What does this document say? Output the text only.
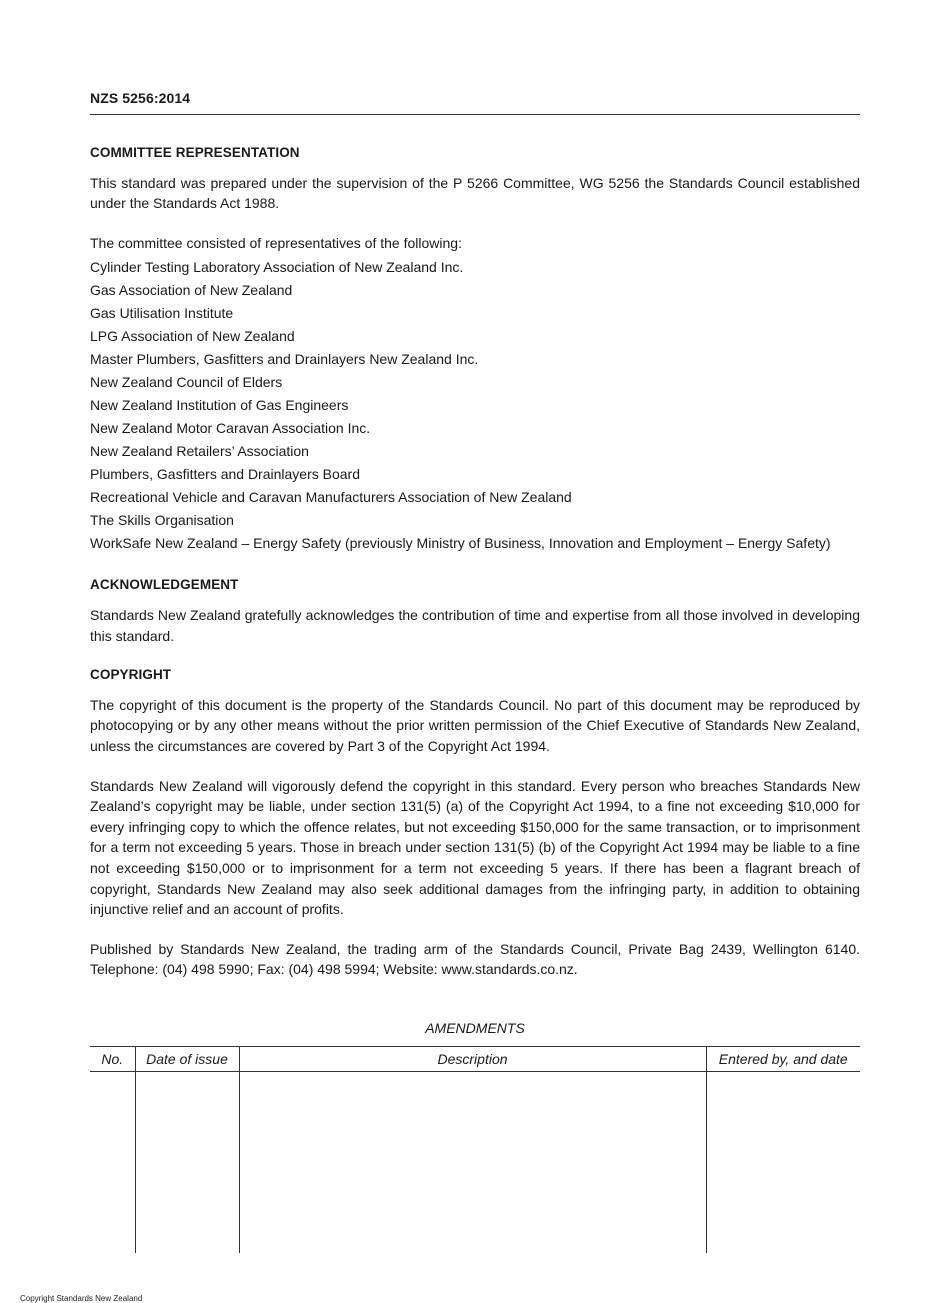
NZS 5256:2014
COMMITTEE REPRESENTATION

This standard was prepared under the supervision of the P 5266 Committee, WG 5256 the Standards Council established under the Standards Act 1988.

The committee consisted of representatives of the following:

Cylinder Testing Laboratory Association of New Zealand Inc.
Gas Association of New Zealand
Gas Utilisation Institute
LPG Association of New Zealand
Master Plumbers, Gasfitters and Drainlayers New Zealand Inc.
New Zealand Council of Elders
New Zealand Institution of Gas Engineers
New Zealand Motor Caravan Association Inc.
New Zealand Retailers’ Association
Plumbers, Gasfitters and Drainlayers Board
Recreational Vehicle and Caravan Manufacturers Association of New Zealand
The Skills Organisation
WorkSafe New Zealand – Energy Safety (previously Ministry of Business, Innovation and Employment – Energy Safety)
ACKNOWLEDGEMENT

Standards New Zealand gratefully acknowledges the contribution of time and expertise from all those involved in developing this standard.

COPYRIGHT

The copyright of this document is the property of the Standards Council. No part of this document may be reproduced by photocopying or by any other means without the prior written permission of the Chief Executive of Standards New Zealand, unless the circumstances are covered by Part 3 of the Copyright Act 1994.

Standards New Zealand will vigorously defend the copyright in this standard. Every person who breaches Standards New Zealand’s copyright may be liable, under section 131(5) (a) of the Copyright Act 1994, to a fine not exceeding $10,000 for every infringing copy to which the offence relates, but not exceeding $150,000 for the same transaction, or to imprisonment for a term not exceeding 5 years. Those in breach under section 131(5) (b) of the Copyright Act 1994 may be liable to a fine not exceeding $150,000 or to imprisonment for a term not exceeding 5 years. If there has been a flagrant breach of copyright, Standards New Zealand may also seek additional damages from the infringing party, in addition to obtaining injunctive relief and an account of profits.

Published by Standards New Zealand, the trading arm of the Standards Council, Private Bag 2439, Wellington 6140. Telephone: (04) 498 5990; Fax: (04) 498 5994; Website: www.standards.co.nz.

AMENDMENTS
No.	Date of issue	Description	Entered by, and date

Copyright Standards New Zealand
